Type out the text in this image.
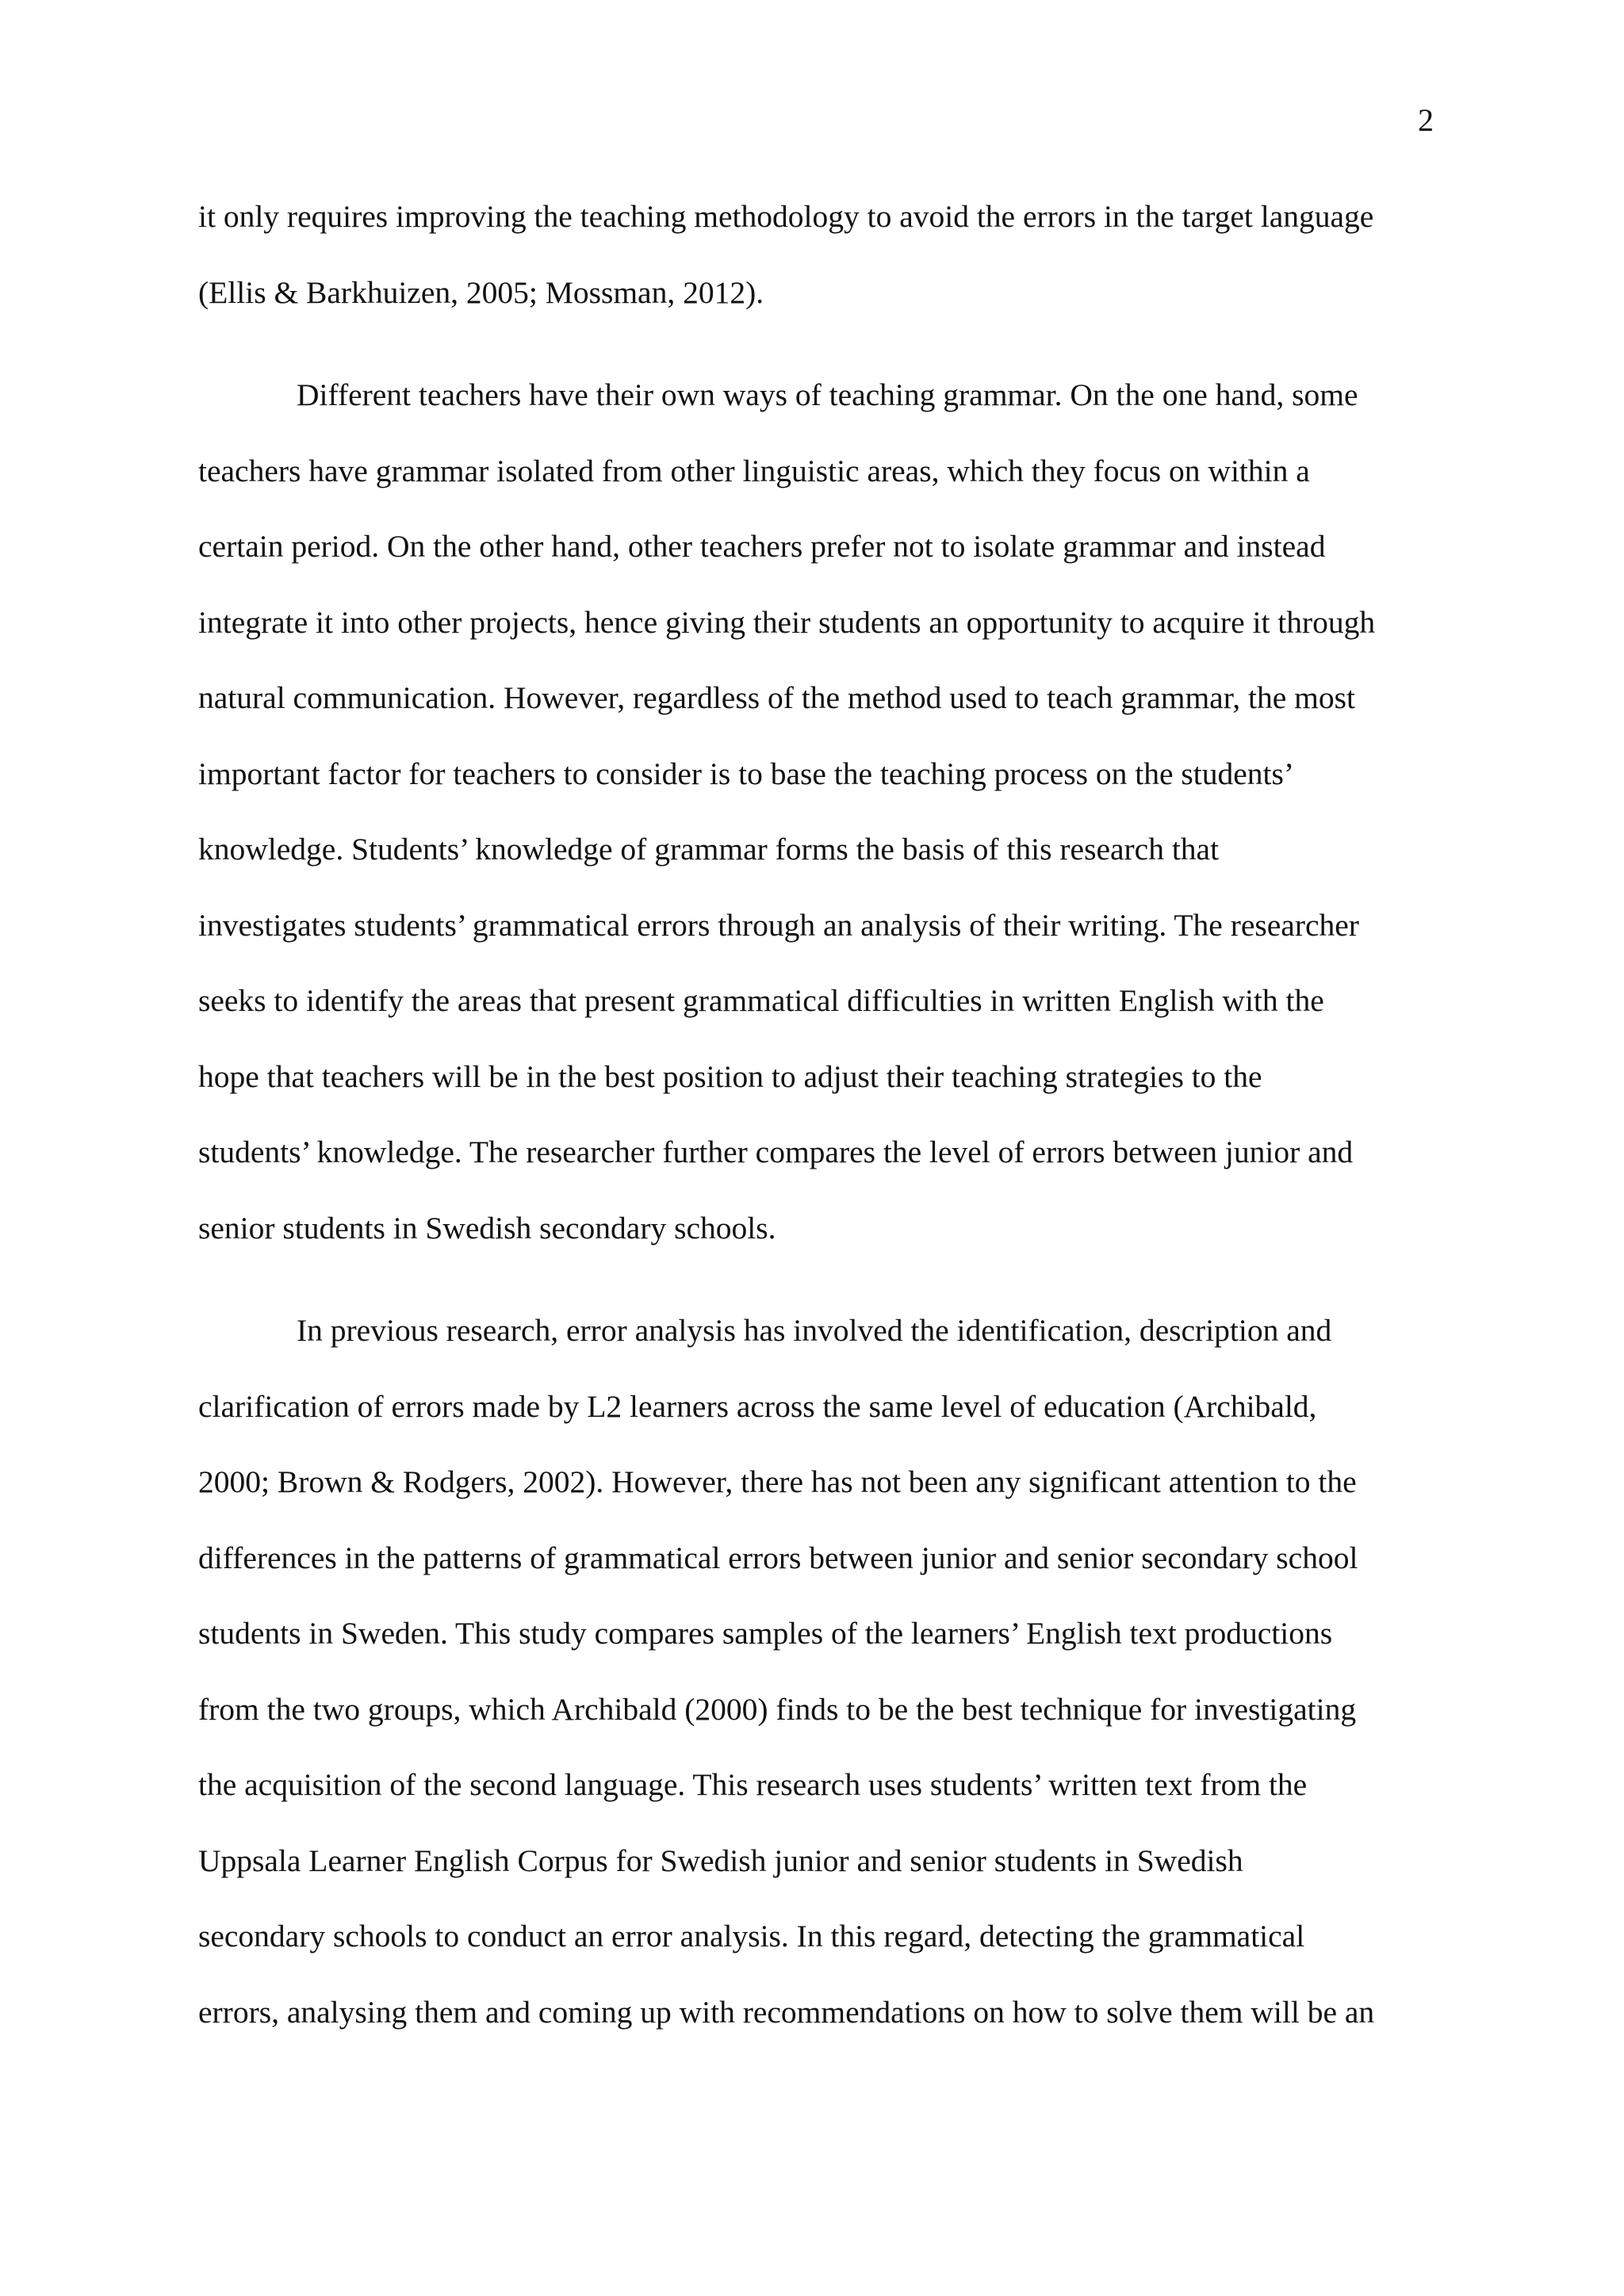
2
it only requires improving the teaching methodology to avoid the errors in the target language
(Ellis & Barkhuizen, 2005; Mossman, 2012).
Different teachers have their own ways of teaching grammar. On the one hand, some
teachers have grammar isolated from other linguistic areas, which they focus on within a
certain period. On the other hand, other teachers prefer not to isolate grammar and instead
integrate it into other projects, hence giving their students an opportunity to acquire it through
natural communication. However, regardless of the method used to teach grammar, the most
important factor for teachers to consider is to base the teaching process on the students’
knowledge. Students’ knowledge of grammar forms the basis of this research that
investigates students’ grammatical errors through an analysis of their writing. The researcher
seeks to identify the areas that present grammatical difficulties in written English with the
hope that teachers will be in the best position to adjust their teaching strategies to the
students’ knowledge. The researcher further compares the level of errors between junior and
senior students in Swedish secondary schools.
In previous research, error analysis has involved the identification, description and
clarification of errors made by L2 learners across the same level of education (Archibald,
2000; Brown & Rodgers, 2002). However, there has not been any significant attention to the
differences in the patterns of grammatical errors between junior and senior secondary school
students in Sweden. This study compares samples of the learners’ English text productions
from the two groups, which Archibald (2000) finds to be the best technique for investigating
the acquisition of the second language. This research uses students’ written text from the
Uppsala Learner English Corpus for Swedish junior and senior students in Swedish
secondary schools to conduct an error analysis. In this regard, detecting the grammatical
errors, analysing them and coming up with recommendations on how to solve them will be an
